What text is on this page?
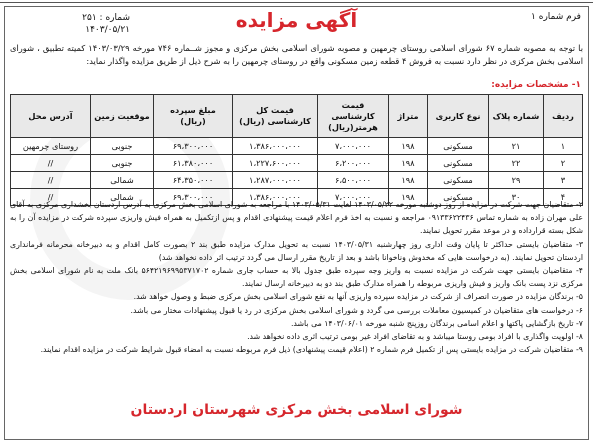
فرم شماره ۱
آگهی مزایده
شماره : ۲۵۱
۱۴۰۳/۰۵/۲۱
با توجه به مصوبه شماره ۶۷ شورای اسلامی روستای چرمهین و مصوبه شورای اسلامی بخش مرکزی و مجوز شــماره ۷۴۶ مورخه ۱۴۰۳/۰۳/۲۹ کمیته تطبیق ، شورای اسلامی بخش مرکزی در نظر دارد نسبت به فروش ۴ قطعه زمین مسکونی واقع در روستای چرمهین را به شرح ذیل از طریق مزایده واگذار نماید:
۱- مشخصات مزایده:
ردیف	شماره پلاک	نوع کاربری	متراژ	قیمت کارشناسی هرمتر(ریال)	قیمت کل کارشناسی (ریال)	مبلغ سپرده (ریال)	موقعیت زمین	آدرس محل
۱	۲۱	مسکونی	۱۹۸	۷،۰۰۰،۰۰۰	۱،۳۸۶،۰۰۰،۰۰۰	۶۹،۳۰۰،۰۰۰	جنوبی	روستای چرمهین
۲	۲۲	مسکونی	۱۹۸	۶،۲۰۰،۰۰۰	۱،۲۲۷،۶۰۰،۰۰۰	۶۱،۳۸۰،۰۰۰	جنوبی	//
۳	۲۹	مسکونی	۱۹۸	۶،۵۰۰،۰۰۰	۱،۲۸۷،۰۰۰،۰۰۰	۶۴،۳۵۰،۰۰۰	شمالی	//
۴	۳۰	مسکونی	۱۹۸	۷،۰۰۰،۰۰۰	۱،۳۸۶،۰۰۰،۰۰۰	۶۹،۳۰۰،۰۰۰	شمالی	//

۲- متقاضیان جهت شرکت در مزایده از روز دوشنبه مورخه ۱۴۰۳/۰۵/۲۲ لغایت ۱۴۰۳/۰۵/۳۱ با مراجعه به شورای اسلامی بخش مرکزی به آدرس اردستان بخشداری مرکزی به آقای علی مهران زاده به شماره تماس ۰۹۱۳۳۶۲۲۴۳۶ مراجعه و نسبت به اخذ فرم اعلام قیمت پیشنهادی اقدام و پس ازتکمیل به همراه فیش واریزی سپرده شرکت در مزایده آن را به شکل بسته قرارداده و در موعد مقرر تحویل نمایند.

۳- متقاضیان بایستی حداکثر تا پایان وقت اداری روز چهارشنبه ۱۴۰۳/۰۵/۳۱ نسبت به تحویل مدارک مزایده طبق بند ۲ بصورت کامل اقدام و به دبیرخانه محرمانه فرمانداری اردستان تحویل نمایند. (به درخواست هایی که مخدوش وناخوانا باشد و بعد از تاریخ مقرر ارسال می گردد ترتیب اثر داده نخواهد شد)

۴- متقاضیان بایستی جهت شرکت در مزایده نسبت به واریز وجه سپرده طبق جدول بالا به حساب جاری شماره ۵۶۴۲۱۹۶۹۹۵۳۷۱۷۰۲ بانک ملت به نام شورای اسلامی بخش مرکزی نزد پست بانک واریز و فیش واریزی مربوطه را همراه مدارک طبق بند دو به دبیرخانه ارسال نمایند.

۵- برندگان مزایده در صورت انصراف از شرکت در مزایده سپرده واریزی آنها به نفع شورای اسلامی بخش مرکزی ضبط و وصول خواهد شد.

۶- درخواست های متقاضیان در کمیسیون معاملات بررسی می گردد و شورای اسلامی بخش مرکزی در رد یا قبول پیشنهادات مختار می باشد.

۷- تاریخ بازگشایی پاکتها و اعلام اسامی برندگان روزپنج شنبه مورخه ۱۴۰۳/۰۶/۰۱ می باشد.

۸- اولویت واگذاری با افراد بومی روستا میباشد و به تقاضای افراد غیر بومی ترتیب اثری داده نخواهد شد.

۹- متقاضیان شرکت در مزایده بایستی پس از تکمیل فرم شماره ۲ (اعلام قیمت پیشنهادی) ذیل فرم مربوطه نسبت به امضاء قبول شرایط شرکت در مزایده اقدام نمایند.

شورای اسلامی بخش مرکزی شهرستان اردستان
